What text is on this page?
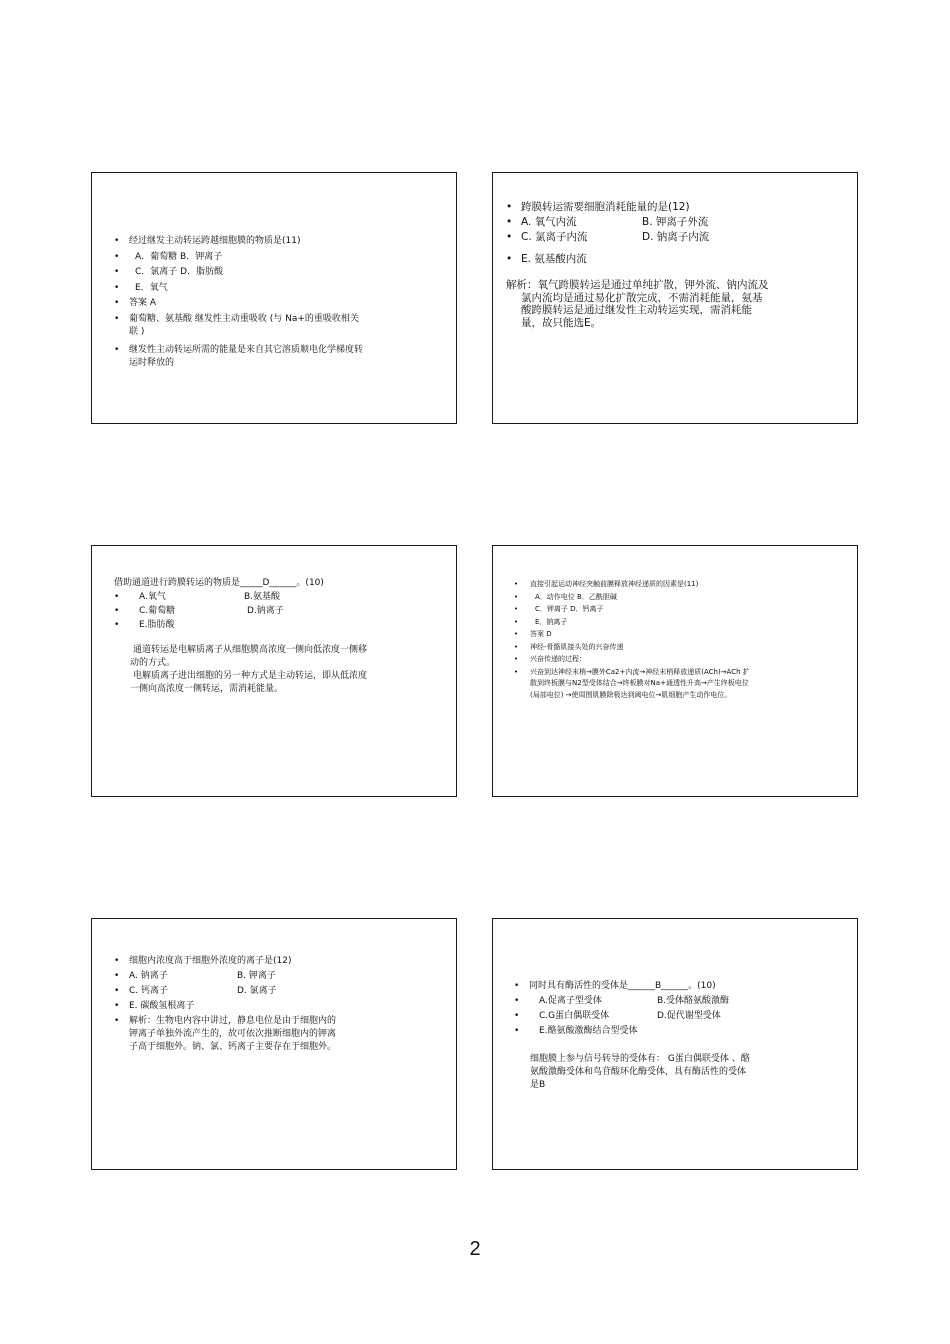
• 经过继发主动转运跨越细胞膜的物质是(11)
• A．葡萄糖 B．钾离子
• C．氯离子 D．脂肪酸
• E．氧气
• 答案 A
• 葡萄糖、氨基酸 继发性主动重吸收 (与 Na+的重吸收相关联 )
• 继发性主动转运所需的能量是来自其它溶质顺电化学梯度转运时释放的
• 跨膜转运需要细胞消耗能量的是(12)
• A. 氧气内流	B. 钾离子外流
• C. 氯离子内流	D. 钠离子内流
• E. 氨基酸内流
解析：氧气跨膜转运是通过单纯扩散，钾外流、钠内流及氯内流均是通过易化扩散完成，不需消耗能量，氨基酸跨膜转运是通过继发性主动转运实现，需消耗能量，故只能选E。
借助通道进行跨膜转运的物质是_____D______。(10)
• A.氧气	B.氨基酸
• C.葡萄糖	D.钠离子
• E.脂肪酸
通道转运是电解质离子从细胞膜高浓度一侧向低浓度一侧移动的方式。
电解质离子进出细胞的另一种方式是主动转运，即从低浓度一侧向高浓度一侧转运，需消耗能量。
• 直接引起运动神经突触前膜释放神经递质的因素是(11)
• A．动作电位 B．乙酰胆碱
• C．钾离子 D．钙离子
• E．钠离子
• 答案 D
• 神经-骨骼肌接头处的兴奋传递
• 兴奋传递的过程：
• 兴奋到达神经末梢→膜外Ca2+内流→神经末梢释放递质(ACh)→ACh 扩散到终板膜与N2型受体结合→终板膜对Na+通透性升高→产生终板电位(局部电位) →使周围肌膜除极达到阈电位→肌细胞产生动作电位。
• 细胞内浓度高于细胞外浓度的离子是(12)
• A. 钠离子	B. 钾离子
• C. 钙离子	D. 氯离子
• E. 碳酸氢根离子
• 解析：生物电内容中讲过，静息电位是由于细胞内的钾离子单独外流产生的，故可依次推断细胞内的钾离子高于细胞外。钠、氯、钙离子主要存在于细胞外。
• 同时具有酶活性的受体是______B______。(10)
• A.促离子型受体	B.受体酪氨酸激酶
• C.G蛋白偶联受体	D.促代谢型受体
• E.酪氨酸激酶结合型受体
细胞膜上参与信号转导的受体有： G蛋白偶联受体 、酪氨酸激酶受体和鸟苷酸环化酶受体，具有酶活性的受体是B
2
